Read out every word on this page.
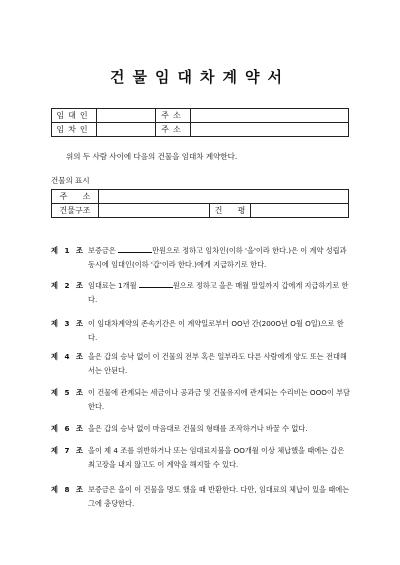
건물임대차계약서
임대인		주소	
임차인		주소	
위의 두 사람 사이에 다음의 건물을 임대차 계약한다.
건물의 표시
주      소			
건물구조		건      평	
제 1 조 보증금은	만원으로 정하고 임차인(이하 '을'이라 한다.)은 이 계약 성립과 동시에 임대인(이하 '갑'이라 한다.)에게 지급하기로 한다.
제 2 조 임대료는 1개월	원으로 정하고 을은 매월 말일까지 갑에게 지급하기로 한다.
제 3 조 이 임대차계약의 존속기간은 이 계약일로부터 OO년 간(200O년 O월 O일)으로 한다.
제 4 조 을은 갑의 승낙 없이 이 건물의 전부 혹은 일부라도 다른 사람에게 양도 또는 전대해서는 안된다.
제 5 조 이 건물에 관계되는 세금이나 공과금 및 건물유지에 관계되는 수리비는 OOO이 부담한다.
제 6 조 을은 갑의 승낙 없이 마음대로 건물의 형태를 조작하거나 바꿀 수 없다.
제 7 조 을이 제 4 조를 위반하거나 또는 임대료지불을 OO개월 이상 체납했을 때에는 갑은 최고장을 내지 않고도 이 계약을 해지할 수 있다.
제 8 조 보증금은 을이 이 건물을 명도 했을 때 반환한다. 다만, 임대료의 체납이 있을 때에는 그에 충당한다.
